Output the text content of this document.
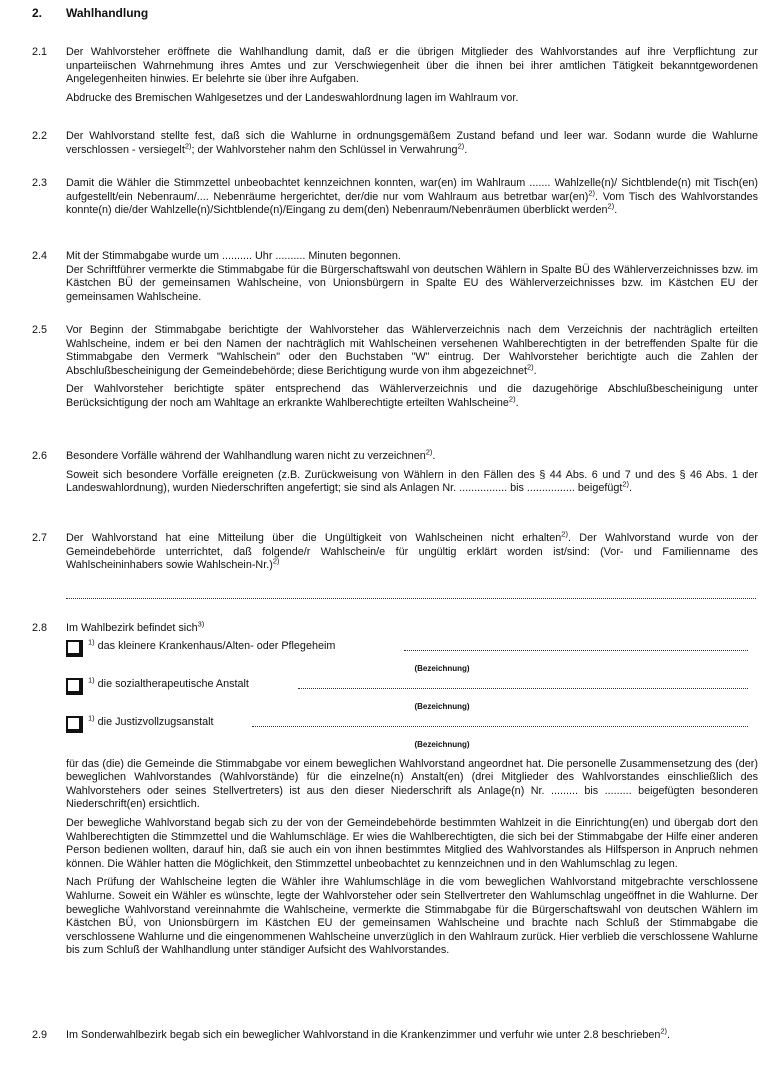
2. Wahlhandlung
2.1	Der Wahlvorsteher eröffnete die Wahlhandlung damit, daß er die übrigen Mitglieder des Wahlvorstandes auf ihre Verpflichtung zur unparteiischen Wahrnehmung ihres Amtes und zur Verschwiegenheit über die ihnen bei ihrer amtlichen Tätigkeit bekanntgewordenen Angelegenheiten hinwies. Er belehrte sie über ihre Aufgaben.

Abdrucke des Bremischen Wahlgesetzes und der Landeswahlordnung lagen im Wahlraum vor.

2.2	Der Wahlvorstand stellte fest, daß sich die Wahlurne in ordnungsgemäßem Zustand befand und leer war. Sodann wurde die Wahlurne verschlossen - versiegelt$^{2)}$; der Wahlvorsteher nahm den Schlüssel in Verwahrung$^{2)}$.
2.3	Damit die Wähler die Stimmzettel unbeobachtet kennzeichnen konnten, war(en) im Wahlraum ....... Wahlzelle(n)/ Sichtblende(n) mit Tisch(en) aufgestellt/ein Nebenraum/.... Nebenräume hergerichtet, der/die nur vom Wahlraum aus betretbar war(en)$^{2)}$. Vom Tisch des Wahlvorstandes konnte(n) die/der Wahlzelle(n)/Sichtblende(n)/Eingang zu dem(den) Nebenraum/Nebenräumen überblickt werden$^{2)}$.
2.4	Mit der Stimmabgabe wurde um .......... Uhr .......... Minuten begonnen.
Der Schriftführer vermerkte die Stimmabgabe für die Bürgerschaftswahl von deutschen Wählern in Spalte BÜ des Wählerverzeichnisses bzw. im Kästchen BÜ der gemeinsamen Wahlscheine, von Unionsbürgern in Spalte EU des Wählerverzeichnisses bzw. im Kästchen EU der gemeinsamen Wahlscheine.
2.5	Vor Beginn der Stimmabgabe berichtigte der Wahlvorsteher das Wählerverzeichnis nach dem Verzeichnis der nachträglich erteilten Wahlscheine, indem er bei den Namen der nachträglich mit Wahlscheinen versehenen Wahlberechtigten in der betreffenden Spalte für die Stimmabgabe den Vermerk "Wahlschein" oder den Buchstaben "W" eintrug. Der Wahlvorsteher berichtigte auch die Zahlen der Abschlußbescheinigung der Gemeindebehörde; diese Berichtigung wurde von ihm abgezeichnet$^{2)}$.

Der Wahlvorsteher berichtigte später entsprechend das Wählerverzeichnis und die dazugehörige Abschlußbescheinigung unter Berücksichtigung der noch am Wahltage an erkrankte Wahlberechtigte erteilten Wahlscheine$^{2)}$.

2.6	Besondere Vorfälle während der Wahlhandlung waren nicht zu verzeichnen$^{2)}$.

Soweit sich besondere Vorfälle ereigneten (z.B. Zurückweisung von Wählern in den Fällen des § 44 Abs. 6 und 7 und des § 46 Abs. 1 der Landeswahlordnung), wurden Niederschriften angefertigt; sie sind als Anlagen Nr. ................ bis ................ beigefügt$^{2)}$.

2.7	Der Wahlvorstand hat eine Mitteilung über die Ungültigkeit von Wahlscheinen nicht erhalten$^{2)}$. Der Wahlvorstand wurde von der Gemeindebehörde unterrichtet, daß folgende/r Wahlschein/e für ungültig erklärt worden ist/sind: (Vor- und Familienname des Wahlscheininhabers sowie Wahlschein-Nr.)$^{2)}$
2.8	Im Wahlbezirk befindet sich$^{3)}$
$^{1)}$ das kleinere Krankenhaus/Alten- oder Pflegeheim
(Bezeichnung)
$^{1)}$ die sozialtherapeutische Anstalt
(Bezeichnung)
$^{1)}$ die Justizvollzugsanstalt
(Bezeichnung)

für das (die) die Gemeinde die Stimmabgabe vor einem beweglichen Wahlvorstand angeordnet hat. Die personelle Zusammensetzung des (der) beweglichen Wahlvorstandes (Wahlvorstände) für die einzelne(n) Anstalt(en) (drei Mitglieder des Wahlvorstandes einschließlich des Wahlvorstehers oder seines Stellvertreters) ist aus den dieser Niederschrift als Anlage(n) Nr. ......... bis ......... beigefügten besonderen Niederschrift(en) ersichtlich.

Der bewegliche Wahlvorstand begab sich zu der von der Gemeindebehörde bestimmten Wahlzeit in die Einrichtung(en) und übergab dort den Wahlberechtigten die Stimmzettel und die Wahlumschläge. Er wies die Wahlberechtigten, die sich bei der Stimmabgabe der Hilfe einer anderen Person bedienen wollten, darauf hin, daß sie auch ein von ihnen bestimmtes Mitglied des Wahlvorstandes als Hilfsperson in Anpruch nehmen können. Die Wähler hatten die Möglichkeit, den Stimmzettel unbeobachtet zu kennzeichnen und in den Wahlumschlag zu legen.

Nach Prüfung der Wahlscheine legten die Wähler ihre Wahlumschläge in die vom beweglichen Wahlvorstand mitgebrachte verschlossene Wahlurne. Soweit ein Wähler es wünschte, legte der Wahlvorsteher oder sein Stellvertreter den Wahlumschlag ungeöffnet in die Wahlurne. Der bewegliche Wahlvorstand vereinnahmte die Wahlscheine, vermerkte die Stimmabgabe für die Bürgerschaftswahl von deutschen Wählern im Kästchen BÜ, von Unionsbürgern im Kästchen EU der gemeinsamen Wahlscheine und brachte nach Schluß der Stimmabgabe die verschlossene Wahlurne und die eingenommenen Wahlscheine unverzüglich in den Wahlraum zurück. Hier verblieb die verschlossene Wahlurne bis zum Schluß der Wahlhandlung unter ständiger Aufsicht des Wahlvorstandes.

2.9	Im Sonderwahlbezirk begab sich ein beweglicher Wahlvorstand in die Krankenzimmer und verfuhr wie unter 2.8 beschrieben$^{2)}$.
